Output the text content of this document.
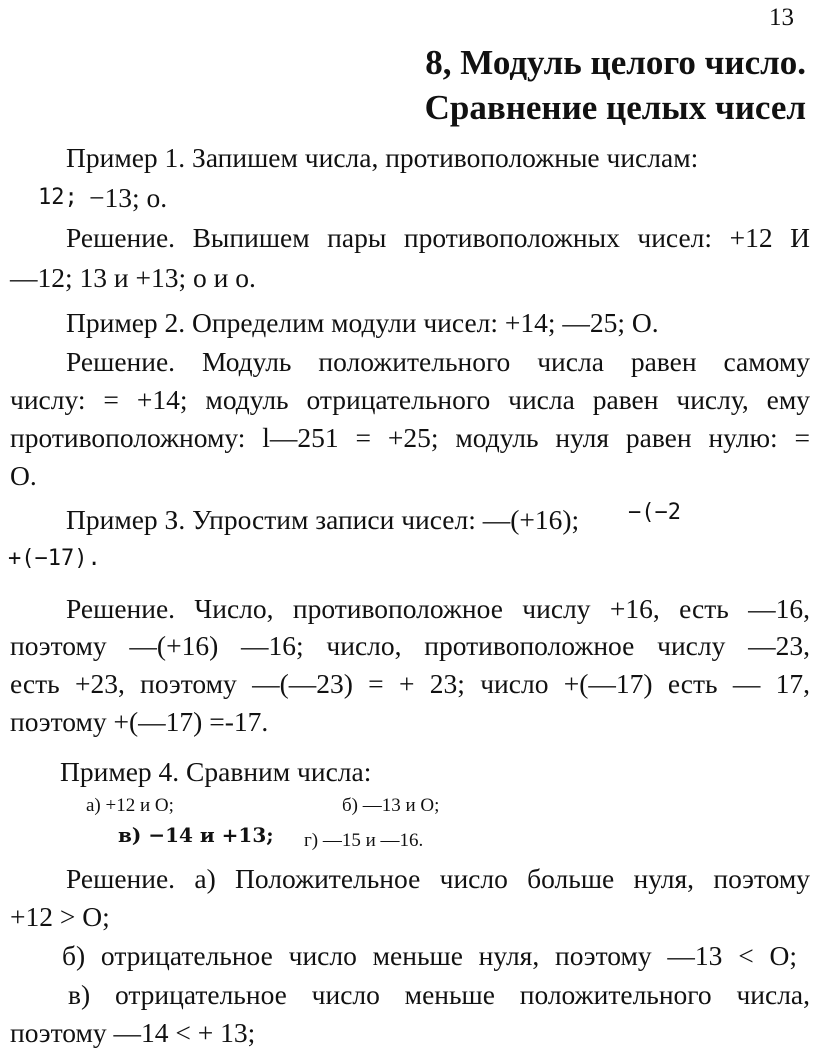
13
8, Модуль целого число.
Сравнение целых чисел

Пример 1. Запишем числа, противоположные числам:

12; −13; о.

Решение. Выпишем пары противоположных чисел: +12 И

—12; 13 и +13; о и о.

Пример 2. Определим модули чисел: +14; —25; О.

Решение. Модуль положительного числа равен самому

числу: = +14; модуль отрицательного числа равен числу, ему

противоположному: l—251 = +25; модуль нуля равен нулю: =

О.

Пример З. Упростим записи чисел: —(+16); −(−2

+(−17).

Решение. Число, противоположное числу +16, есть —16,

поэтому —(+16) —16; число, противоположное числу —23,

есть +23, поэтому —(—23) = + 23; число +(—17) есть — 17,

поэтому +(—17) =-17.

Пример 4. Сравним числа:

а) +12 и О;	б) —13 и О;

в) −14 и +13; г) —15 и —16.

Решение. а) Положительное число больше нуля, поэтому

+12 > О;

б) отрицательное число меньше нуля, поэтому —13 < О;

в) отрицательное число меньше положительного числа,

поэтому —14 < + 13;
